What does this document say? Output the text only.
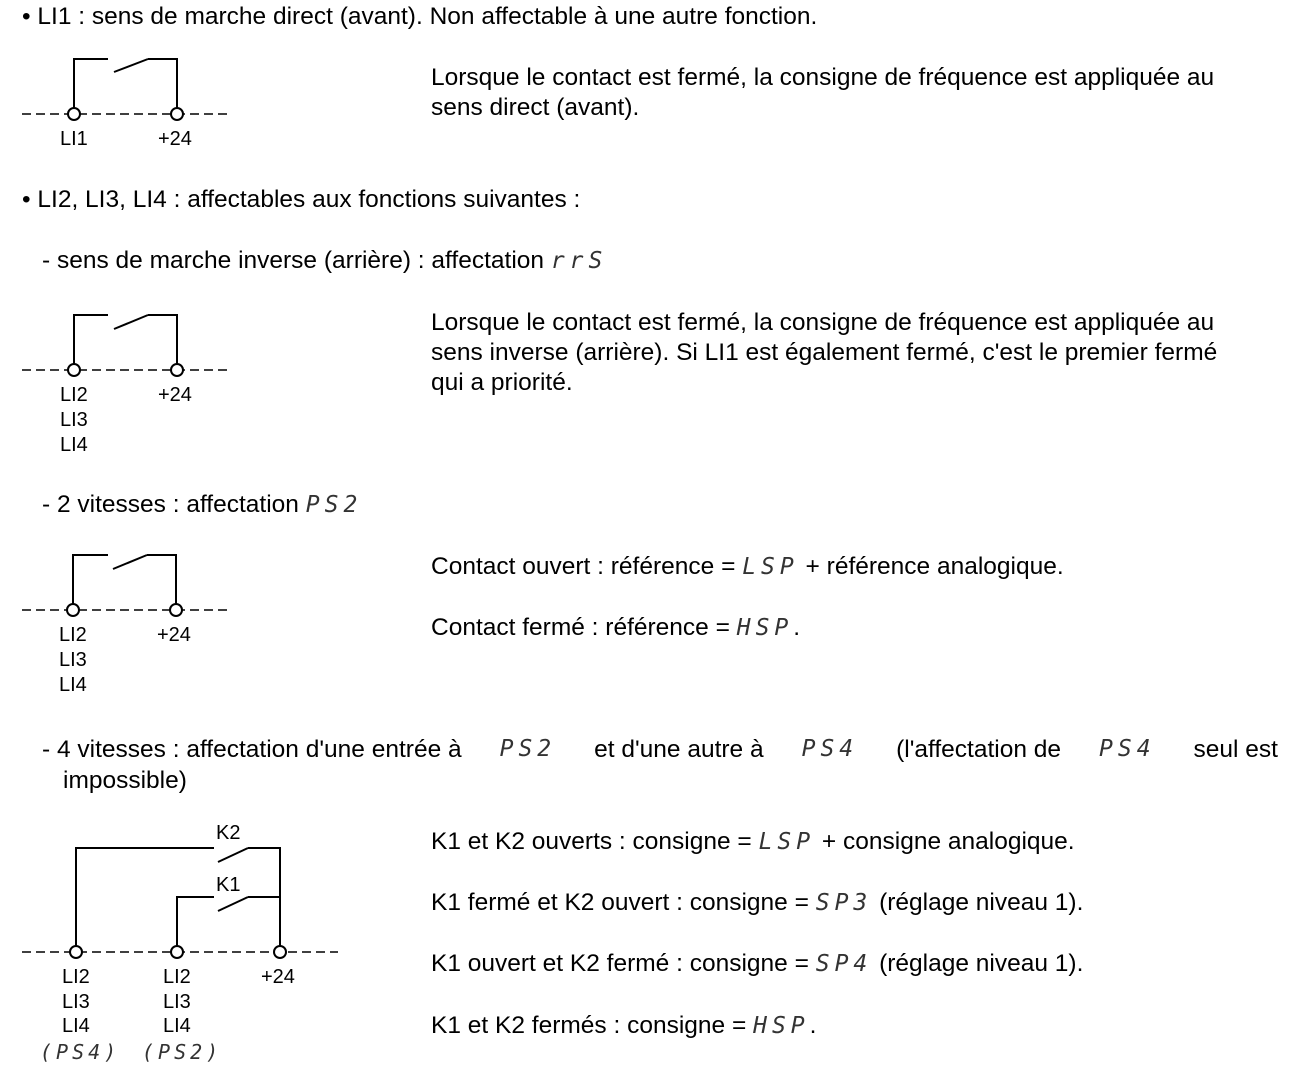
• LI1 : sens de marche direct (avant). Non affectable à une autre fonction.
Lorsque le contact est fermé, la consigne de fréquence est appliquée au
sens direct (avant).
LI1	+24
• LI2, LI3, LI4 : affectables aux fonctions suivantes :
- sens de marche inverse (arrière) : affectation rrS
Lorsque le contact est fermé, la consigne de fréquence est appliquée au
sens inverse (arrière). Si LI1 est également fermé, c'est le premier fermé
qui a priorité.
LI2
LI3
LI4
+24
- 2 vitesses : affectation PS2
Contact ouvert : référence = LSP + référence analogique.
Contact fermé : référence = HSP.
LI2
LI3
LI4
+24
- 4 vitesses : affectation d'une entrée à PS2 et d'une autre à PS4 (l'affectation de PS4 seul est
impossible)
K2
K1
LI2
LI3
LI4
(PS4)
LI2
LI3
LI4
(PS2)
+24
K1 et K2 ouverts : consigne = LSP + consigne analogique.
K1 fermé et K2 ouvert : consigne = SP3 (réglage niveau 1).
K1 ouvert et K2 fermé : consigne = SP4 (réglage niveau 1).
K1 et K2 fermés : consigne = HSP.
